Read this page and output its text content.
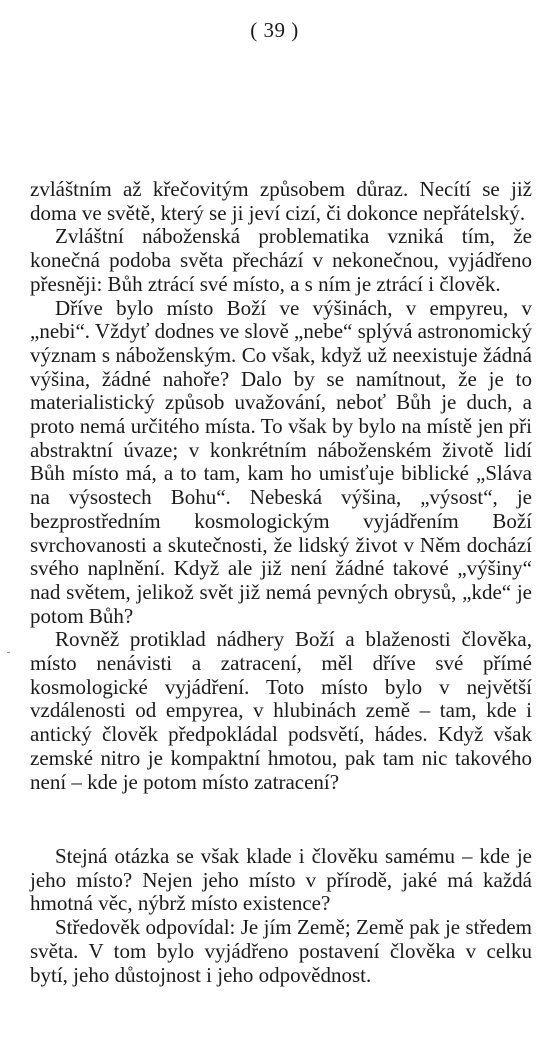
( 39 )

zvláštním až křečovitým způsobem důraz. Necítí se již doma ve světě, který se ji jeví cizí, či dokonce nepřátelský.

Zvláštní náboženská problematika vzniká tím, že konečná podoba světa přechází v nekonečnou, vyjádřeno přesněji: Bůh ztrácí své místo, a s ním je ztrácí i člověk.

Dříve bylo místo Boží ve výšinách, v empyreu, v „nebi“. Vždyť dodnes ve slově „nebe“ splývá astronomický význam s náboženským. Co však, když už neexistuje žádná výšina, žádné nahoře? Dalo by se namítnout, že je to materialistický způsob uvažování, neboť Bůh je duch, a proto nemá určitého místa. To však by bylo na místě jen při abstraktní úvaze; v konkrétním náboženském životě lidí Bůh místo má, a to tam, kam ho umisťuje biblické „Sláva na výsostech Bohu“. Nebeská výšina, „výsost“, je bezprostředním kosmologickým vyjádřením Boží svrchovanosti a skutečnosti, že lidský život v Něm dochází svého naplnění. Když ale již není žádné takové „výšiny“ nad světem, jelikož svět již nemá pevných obrysů, „kde“ je potom Bůh?

Rovněž protiklad nádhery Boží a blaženosti člověka, místo nenávisti a zatracení, měl dříve své přímé kosmologické vyjádření. Toto místo bylo v největší vzdálenosti od empyrea, v hlubinách země – tam, kde i antický člověk předpokládal podsvětí, hádes. Když však zemské nitro je kompaktní hmotou, pak tam nic takového není – kde je potom místo zatracení?

Stejná otázka se však klade i člověku samému – kde je jeho místo? Nejen jeho místo v přírodě, jaké má každá hmotná věc, nýbrž místo existence?

Středověk odpovídal: Je jím Země; Země pak je středem světa. V tom bylo vyjádřeno postavení člověka v celku bytí, jeho důstojnost i jeho odpovědnost.
